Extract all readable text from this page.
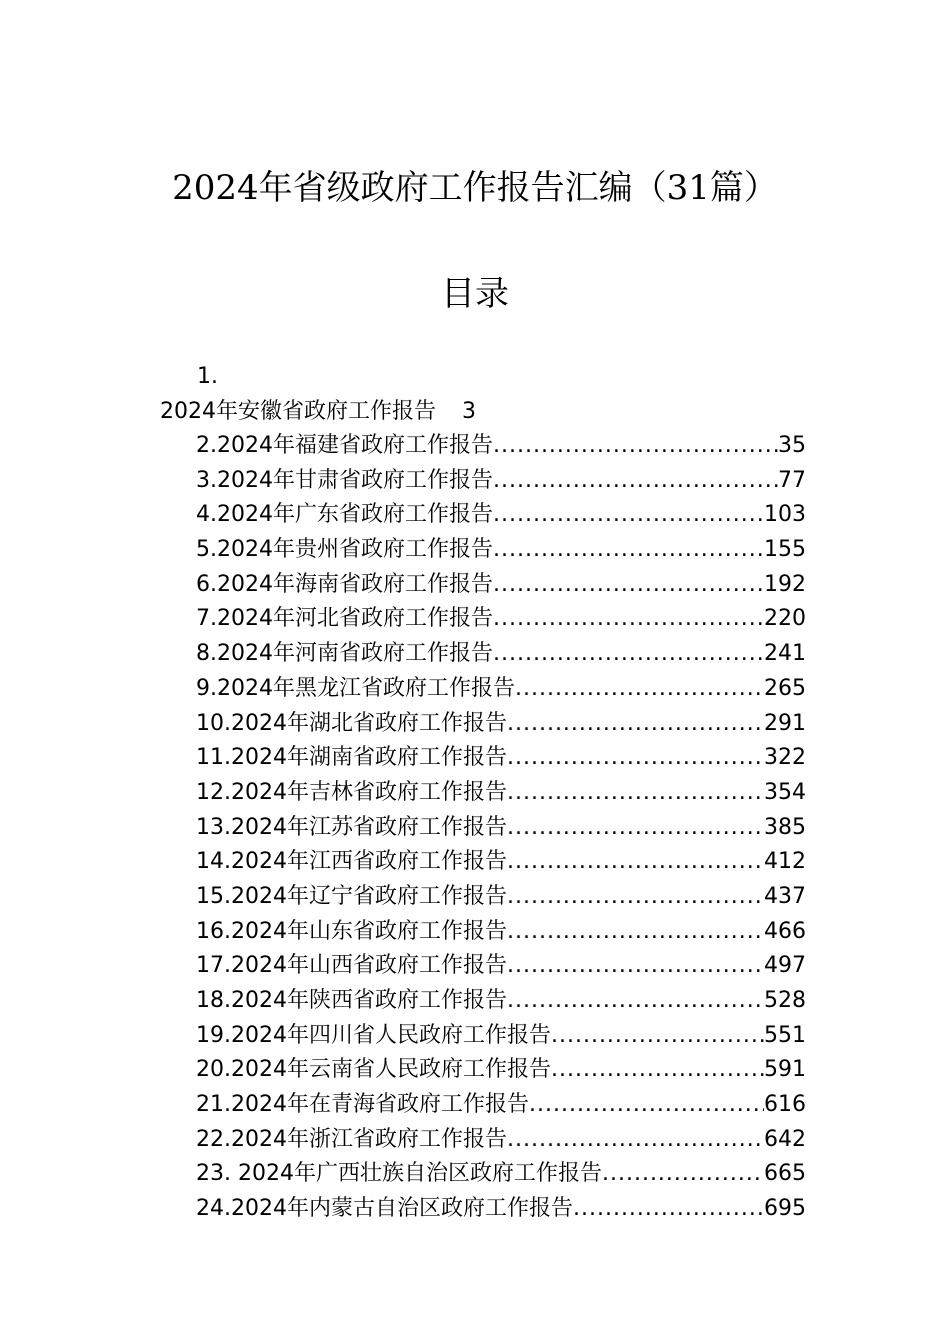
2024年省级政府工作报告汇编（31篇）
目录
1.
2024年安徽省政府工作报告 3
2.2024年福建省政府工作报告 .....	35
3.2024年甘肃省政府工作报告 .....	77
4.2024年广东省政府工作报告 .....	103
5.2024年贵州省政府工作报告 .....	155
6.2024年海南省政府工作报告 .....	192
7.2024年河北省政府工作报告 .....	220
8.2024年河南省政府工作报告 .....	241
9.2024年黑龙江省政府工作报告 .....	265
10.2024年湖北省政府工作报告 .....	291
11.2024年湖南省政府工作报告 .....	322
12.2024年吉林省政府工作报告 .....	354
13.2024年江苏省政府工作报告 .....	385
14.2024年江西省政府工作报告 .....	412
15.2024年辽宁省政府工作报告 .....	437
16.2024年山东省政府工作报告 .....	466
17.2024年山西省政府工作报告 .....	497
18.2024年陕西省政府工作报告 .....	528
19.2024年四川省人民政府工作报告 .....	551
20.2024年云南省人民政府工作报告 .....	591
21.2024年在青海省政府工作报告 .....	616
22.2024年浙江省政府工作报告 .....	642
23. 2024年广西壮族自治区政府工作报告 .....	665
24.2024年内蒙古自治区政府工作报告 .....	695
